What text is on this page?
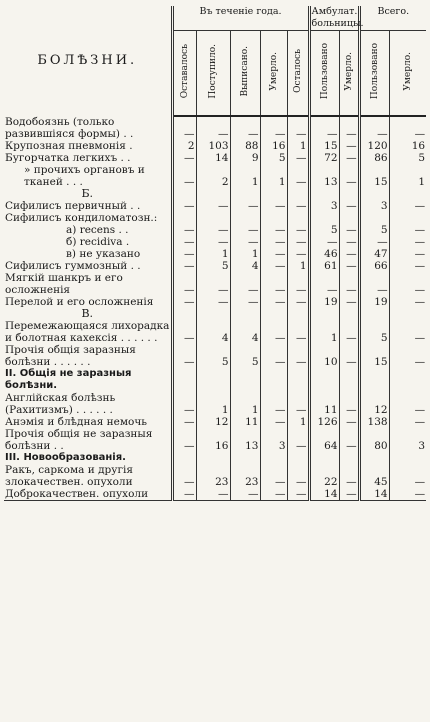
БОЛѢЗНИ.	Въ теченіе года.					Амбулат. больницы.		Всего.	
	Оставалось	Поступило.	Выписано.	Умерло.	Осталось	Пользовано	Умерло.	Пользовано	Умерло.
Водобоязнь (только развившіяся формы) . .	—	—	—	—	—	—	—	—	—
Крупозная пневмонія .	2	103	88	16	1	15	—	120	16
Бугорчатка легкихъ . .	—	14	9	5	—	72	—	86	5
» прочихъ органовъ и тканей . . .	—	2	1	1	—	13	—	15	1
Б.									
Сифилисъ первичный . .	—	—	—	—	—	3	—	3	—
Сифилисъ кондиломатозн.:									
а) recens . .	—	—	—	—	—	5	—	5	—
б) recidiva .	—	—	—	—	—	—	—	—	—
в) не указано	—	1	1	—	—	46	—	47	—
Сифилисъ гуммозный . .	—	5	4	—	1	61	—	66	—
Мягкій шанкръ и его осложненія	—	—	—	—	—	—	—	—	—
Перелой и его осложненія	—	—	—	—	—	19	—	19	—
В.									
Перемежающаяся лихорадка и болотная кахексія . . . . . .	—	4	4	—	—	1	—	5	—
Прочія общія заразныя болѣзни . . . . . .	—	5	5	—	—	10	—	15	—
II. Общія не заразныя болѣзни.									
Англійская болѣзнь (Рахитизмъ) . . . . . .	—	1	1	—	—	11	—	12	—
Анэмія и блѣдная немочь	—	12	11	—	1	126	—	138	—
Прочія общія не заразныя болѣзни . .	—	16	13	3	—	64	—	80	3
III. Новообразованія.									
Ракъ, саркома и другія злокачествен. опухоли	—	23	23	—	—	22	—	45	—
Доброкачествен. опухоли	—	—	—	—	—	14	—	14	—
